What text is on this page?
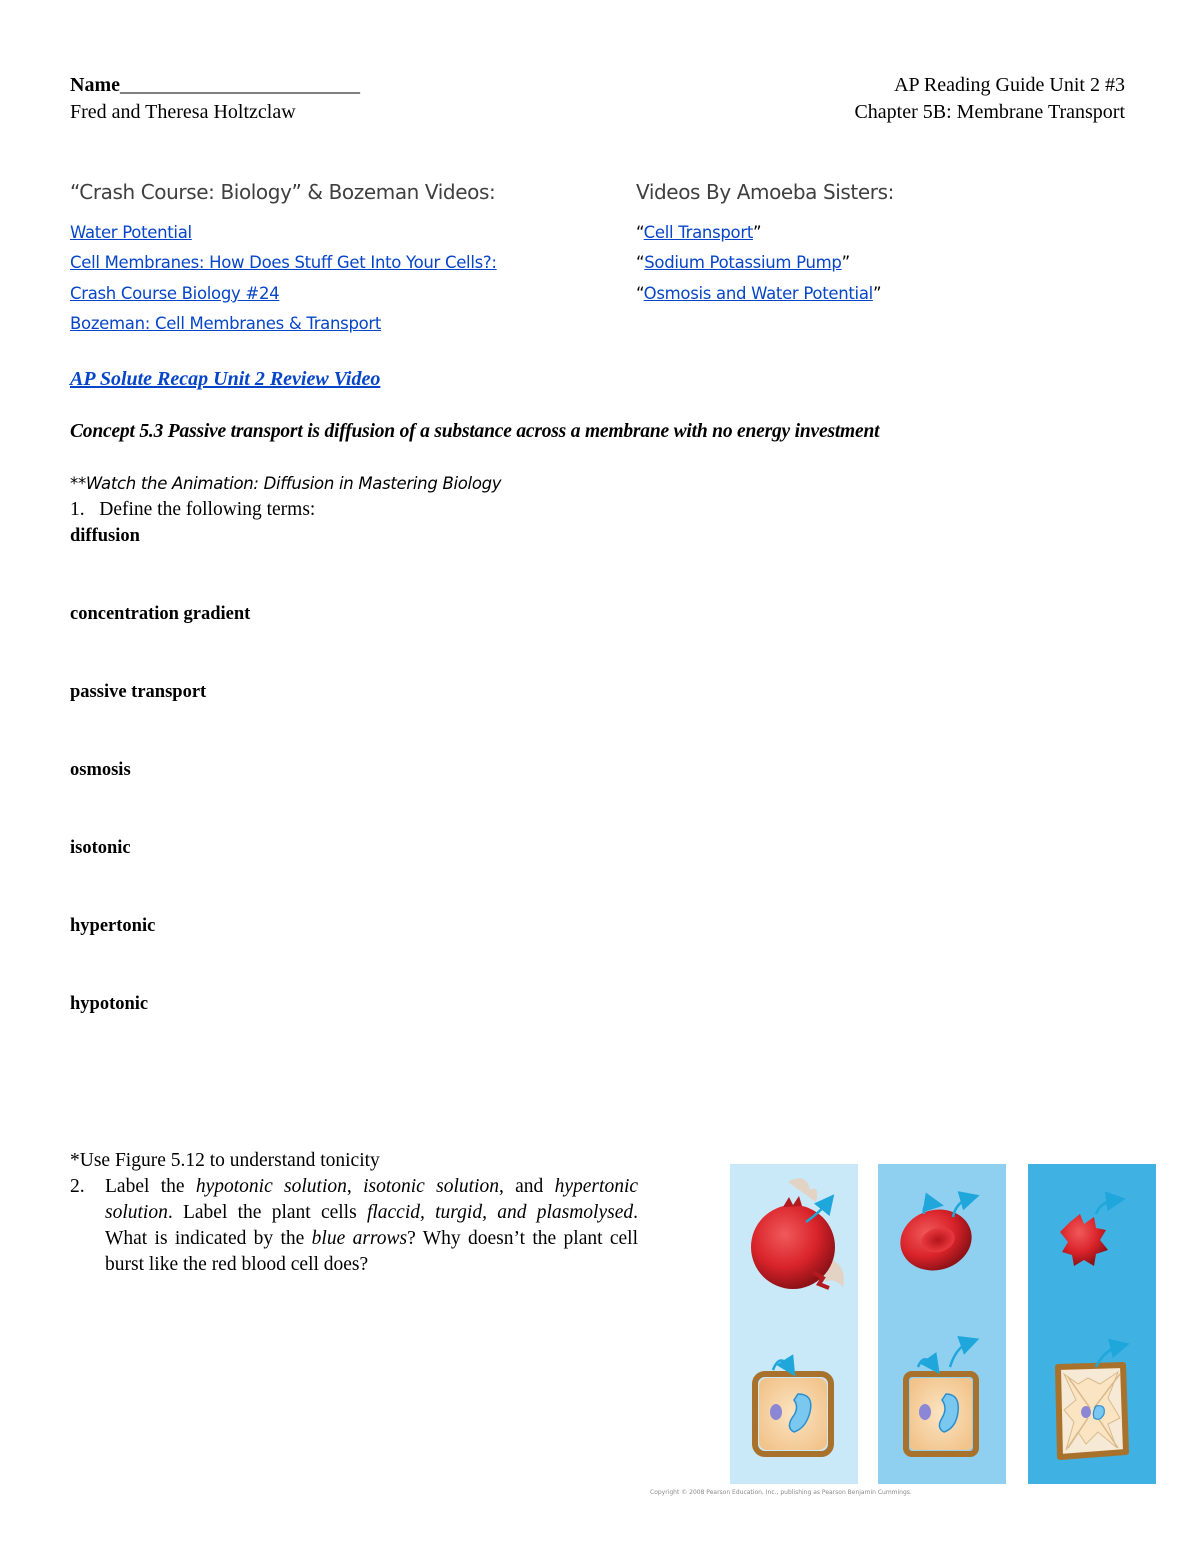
Name________________________
Fred and Theresa Holtzclaw
AP Reading Guide Unit 2 #3
Chapter 5B: Membrane Transport
“Crash Course: Biology” & Bozeman Videos:
Water Potential
Cell Membranes: How Does Stuff Get Into Your Cells?:
Crash Course Biology #24
Bozeman: Cell Membranes & Transport
Videos By Amoeba Sisters:
“Cell Transport”
“Sodium Potassium Pump”
“Osmosis and Water Potential”
AP Solute Recap Unit 2 Review Video
Concept 5.3 Passive transport is diffusion of a substance across a membrane with no energy investment
**Watch the Animation: Diffusion in Mastering Biology
1. Define the following terms:
diffusion
concentration gradient
passive transport
osmosis
isotonic
hypertonic
hypotonic
*Use Figure 5.12 to understand tonicity
2.	Label the hypotonic solution, isotonic solution, and hypertonic solution. Label the plant cells flaccid, turgid, and plasmolysed. What is indicated by the blue arrows? Why doesn’t the plant cell burst like the red blood cell does?
Copyright © 2008 Pearson Education, Inc., publishing as Pearson Benjamin Cummings.
